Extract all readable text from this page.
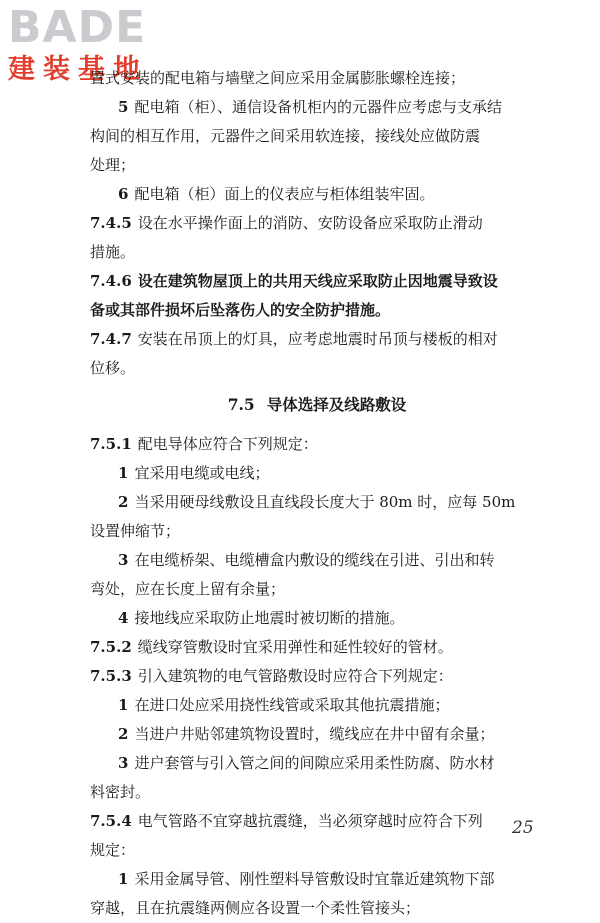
BADE
建装基地
置式安装的配电箱与墙壁之间应采用金属膨胀螺栓连接；
5 配电箱（柜）、通信设备机柜内的元器件应考虑与支承结
构间的相互作用，元器件之间采用软连接，接线处应做防震
处理；
6 配电箱（柜）面上的仪表应与柜体组装牢固。
7.4.5 设在水平操作面上的消防、安防设备应采取防止滑动
措施。
7.4.6 设在建筑物屋顶上的共用天线应采取防止因地震导致设
备或其部件损坏后坠落伤人的安全防护措施。
7.4.7 安装在吊顶上的灯具，应考虑地震时吊顶与楼板的相对
位移。
7.5 导体选择及线路敷设
7.5.1 配电导体应符合下列规定：
1 宜采用电缆或电线；
2 当采用硬母线敷设且直线段长度大于 80m 时，应每 50m
设置伸缩节；
3 在电缆桥架、电缆槽盒内敷设的缆线在引进、引出和转
弯处，应在长度上留有余量；
4 接地线应采取防止地震时被切断的措施。
7.5.2 缆线穿管敷设时宜采用弹性和延性较好的管材。
7.5.3 引入建筑物的电气管路敷设时应符合下列规定：
1 在进口处应采用挠性线管或采取其他抗震措施；
2 当进户井贴邻建筑物设置时，缆线应在井中留有余量；
3 进户套管与引入管之间的间隙应采用柔性防腐、防水材
料密封。
7.5.4 电气管路不宜穿越抗震缝，当必须穿越时应符合下列
规定：
1 采用金属导管、刚性塑料导管敷设时宜靠近建筑物下部
穿越，且在抗震缝两侧应各设置一个柔性管接头；
25
